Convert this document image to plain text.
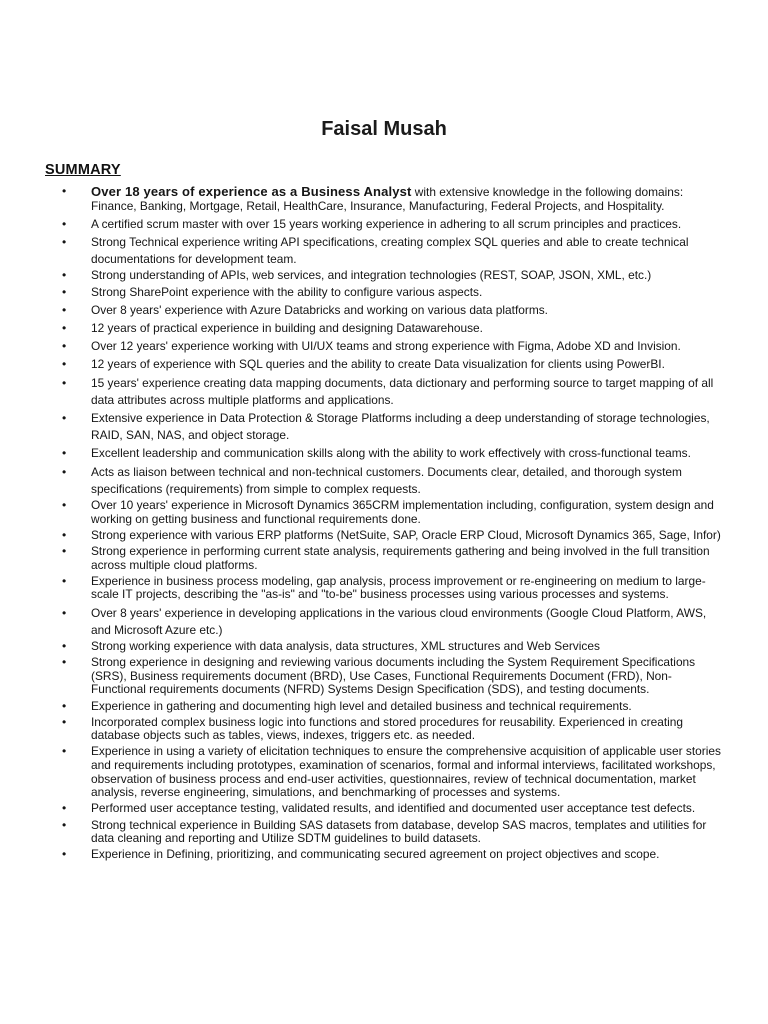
Faisal Musah
SUMMARY
• Over 18 years of experience as a Business Analyst with extensive knowledge in the following domains: Finance, Banking, Mortgage, Retail, HealthCare, Insurance, Manufacturing, Federal Projects, and Hospitality.
• A certified scrum master with over 15 years working experience in adhering to all scrum principles and practices.
• Strong Technical experience writing API specifications, creating complex SQL queries and able to create technical documentations for development team.
• Strong understanding of APIs, web services, and integration technologies (REST, SOAP, JSON, XML, etc.)
• Strong SharePoint experience with the ability to configure various aspects.
• Over 8 years' experience with Azure Databricks and working on various data platforms.
• 12 years of practical experience in building and designing Datawarehouse.
• Over 12 years' experience working with UI/UX teams and strong experience with Figma, Adobe XD and Invision.
• 12 years of experience with SQL queries and the ability to create Data visualization for clients using PowerBI.
• 15 years' experience creating data mapping documents, data dictionary and performing source to target mapping of all data attributes across multiple platforms and applications.
• Extensive experience in Data Protection & Storage Platforms including a deep understanding of storage technologies, RAID, SAN, NAS, and object storage.
• Excellent leadership and communication skills along with the ability to work effectively with cross-functional teams.
• Acts as liaison between technical and non-technical customers. Documents clear, detailed, and thorough system specifications (requirements) from simple to complex requests.
• Over 10 years' experience in Microsoft Dynamics 365CRM implementation including, configuration, system design and working on getting business and functional requirements done.
• Strong experience with various ERP platforms (NetSuite, SAP, Oracle ERP Cloud, Microsoft Dynamics 365, Sage, Infor)
• Strong experience in performing current state analysis, requirements gathering and being involved in the full transition across multiple cloud platforms.
• Experience in business process modeling, gap analysis, process improvement or re-engineering on medium to large-scale IT projects, describing the "as-is" and "to-be" business processes using various processes and systems.
• Over 8 years' experience in developing applications in the various cloud environments (Google Cloud Platform, AWS, and Microsoft Azure etc.)
• Strong working experience with data analysis, data structures, XML structures and Web Services
• Strong experience in designing and reviewing various documents including the System Requirement Specifications (SRS), Business requirements document (BRD), Use Cases, Functional Requirements Document (FRD), Non-Functional requirements documents (NFRD) Systems Design Specification (SDS), and testing documents.
• Experience in gathering and documenting high level and detailed business and technical requirements.
• Incorporated complex business logic into functions and stored procedures for reusability. Experienced in creating database objects such as tables, views, indexes, triggers etc. as needed.
• Experience in using a variety of elicitation techniques to ensure the comprehensive acquisition of applicable user stories and requirements including prototypes, examination of scenarios, formal and informal interviews, facilitated workshops, observation of business process and end-user activities, questionnaires, review of technical documentation, market analysis, reverse engineering, simulations, and benchmarking of processes and systems.
• Performed user acceptance testing, validated results, and identified and documented user acceptance test defects.
• Strong technical experience in Building SAS datasets from database, develop SAS macros, templates and utilities for data cleaning and reporting and Utilize SDTM guidelines to build datasets.
• Experience in Defining, prioritizing, and communicating secured agreement on project objectives and scope.
